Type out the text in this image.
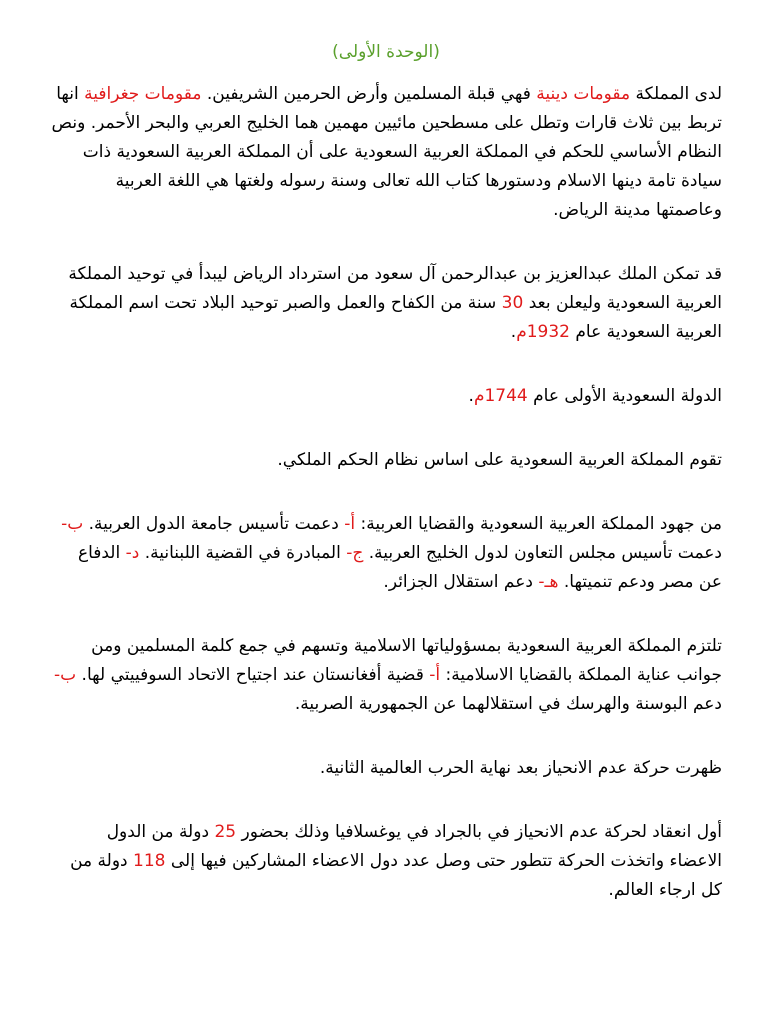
(الوحدة الأولى)

لدى المملكة مقومات دينية فهي قبلة المسلمين وأرض الحرمين الشريفين. مقومات جغرافية انها تربط بين ثلاث قارات وتطل على مسطحين مائيين مهمين هما الخليج العربي والبحر الأحمر. ونص النظام الأساسي للحكم في المملكة العربية السعودية على أن المملكة العربية السعودية ذات سيادة تامة دينها الاسلام ودستورها كتاب الله تعالى وسنة رسوله ولغتها هي اللغة العربية وعاصمتها مدينة الرياض.

قد تمكن الملك عبدالعزيز بن عبدالرحمن آل سعود من استرداد الرياض ليبدأ في توحيد المملكة العربية السعودية وليعلن بعد 30 سنة من الكفاح والعمل والصبر توحيد البلاد تحت اسم المملكة العربية السعودية عام 1932م.

الدولة السعودية الأولى عام 1744م.

تقوم المملكة العربية السعودية على اساس نظام الحكم الملكي.

من جهود المملكة العربية السعودية والقضايا العربية: أ- دعمت تأسيس جامعة الدول العربية. ب- دعمت تأسيس مجلس التعاون لدول الخليج العربية. ج- المبادرة في القضية اللبنانية. د- الدفاع عن مصر ودعم تنميتها. هـ- دعم استقلال الجزائر.

تلتزم المملكة العربية السعودية بمسؤولياتها الاسلامية وتسهم في جمع كلمة المسلمين ومن جوانب عناية المملكة بالقضايا الاسلامية: أ- قضية أفغانستان عند اجتياح الاتحاد السوفييتي لها. ب- دعم البوسنة والهرسك في استقلالهما عن الجمهورية الصربية.

ظهرت حركة عدم الانحياز بعد نهاية الحرب العالمية الثانية.

أول انعقاد لحركة عدم الانحياز في بالجراد في يوغسلافيا وذلك بحضور 25 دولة من الدول الاعضاء واتخذت الحركة تتطور حتى وصل عدد دول الاعضاء المشاركين فيها إلى 118 دولة من كل ارجاء العالم.
